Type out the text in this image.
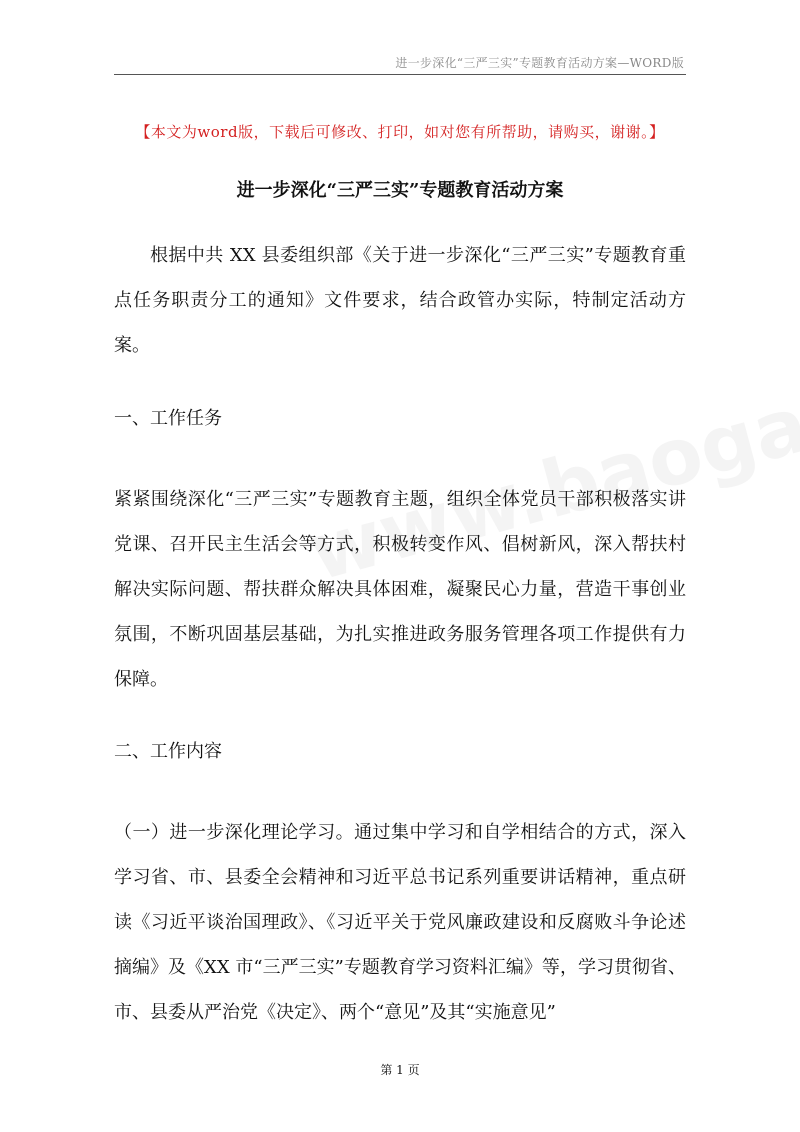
进一步深化“三严三实”专题教育活动方案—WORD版
【本文为word版，下载后可修改、打印，如对您有所帮助，请购买，谢谢。】
进一步深化“三严三实”专题教育活动方案

根据中共 XX 县委组织部《关于进一步深化“三严三实”专题教育重点任务职责分工的通知》文件要求，结合政管办实际，特制定活动方案。

一、工作任务

紧紧围绕深化“三严三实”专题教育主题，组织全体党员干部积极落实讲党课、召开民主生活会等方式，积极转变作风、倡树新风，深入帮扶村解决实际问题、帮扶群众解决具体困难，凝聚民心力量，营造干事创业氛围，不断巩固基层基础，为扎实推进政务服务管理各项工作提供有力保障。

二、工作内容

（一）进一步深化理论学习。通过集中学习和自学相结合的方式，深入学习省、市、县委全会精神和习近平总书记系列重要讲话精神，重点研读《习近平谈治国理政》、《习近平关于党风廉政建设和反腐败斗争论述摘编》及《XX 市“三严三实”专题教育学习资料汇编》等，学习贯彻省、市、县委从严治党《决定》、两个“意见”及其“实施意见”

第 1 页
